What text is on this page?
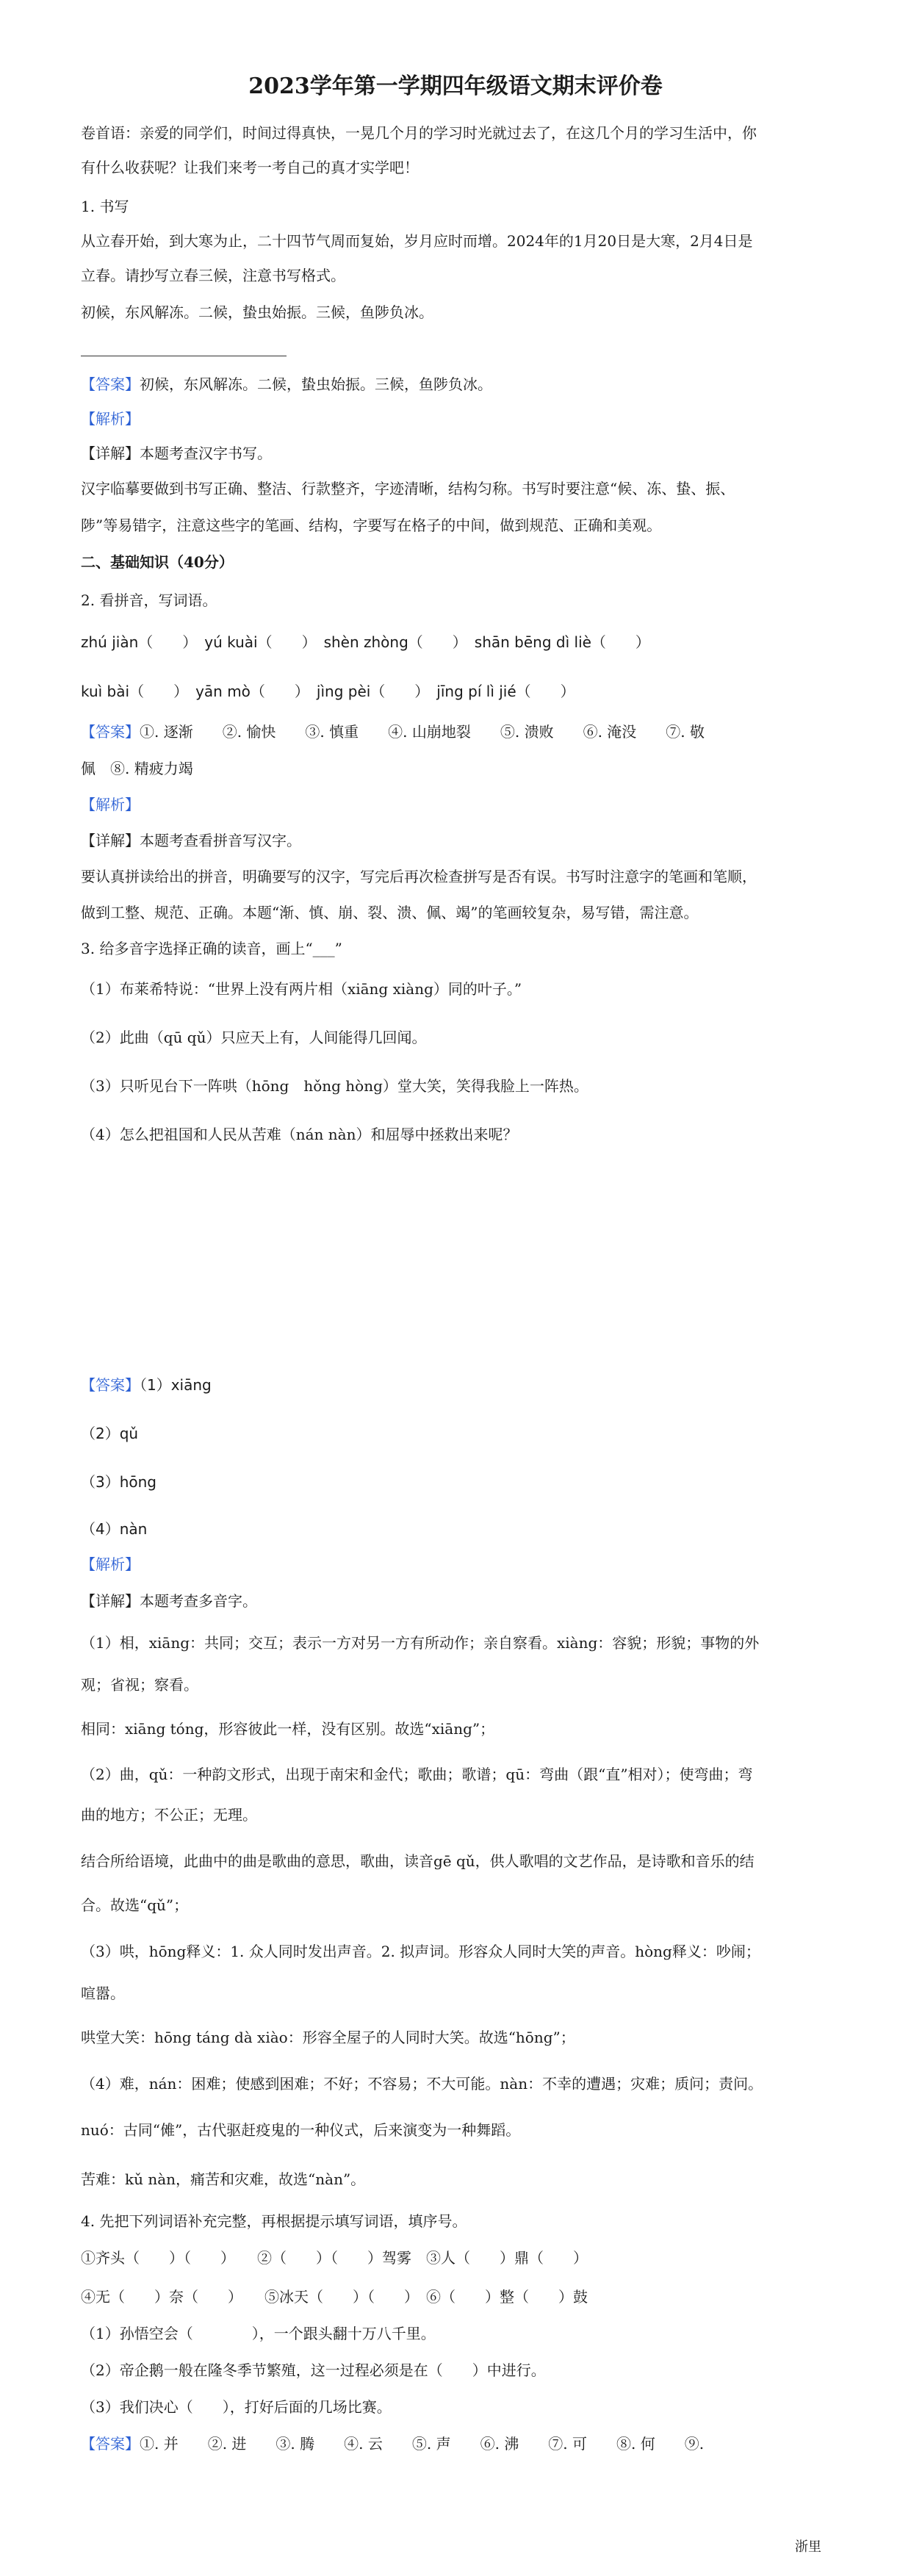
2023学年第一学期四年级语文期末评价卷
卷首语：亲爱的同学们，时间过得真快，一晃几个月的学习时光就过去了，在这几个月的学习生活中，你
有什么收获呢？让我们来考一考自己的真才实学吧！
1. 书写
从立春开始，到大寒为止，二十四节气周而复始，岁月应时而增。2024年的1月20日是大寒，2月4日是
立春。请抄写立春三候，注意书写格式。
初候，东风解冻。二候，蛰虫始振。三候，鱼陟负冰。
【答案】初候，东风解冻。二候，蛰虫始振。三候，鱼陟负冰。
【解析】
【详解】本题考查汉字书写。
汉字临摹要做到书写正确、整洁、行款整齐，字迹清晰，结构匀称。书写时要注意“候、冻、蛰、振、
陟”等易错字，注意这些字的笔画、结构，字要写在格子的中间，做到规范、正确和美观。
二、基础知识（40分）
2. 看拼音，写词语。
zhú jiàn（　　）　yú kuài（　　）　shèn zhòng（　　）　shān bēng dì liè（　　）
kuì bài（　　）　yān mò（　　）　jìng pèi（　　）　jīng pí lì jié（　　）
【答案】①. 逐渐　　②. 愉快　　③. 慎重　　④. 山崩地裂　　⑤. 溃败　　⑥. 淹没　　⑦. 敬
佩　⑧. 精疲力竭
【解析】
【详解】本题考查看拼音写汉字。
要认真拼读给出的拼音，明确要写的汉字，写完后再次检查拼写是否有误。书写时注意字的笔画和笔顺，
做到工整、规范、正确。本题“渐、慎、崩、裂、溃、佩、竭”的笔画较复杂，易写错，需注意。
3. 给多音字选择正确的读音，画上“___”
（1）布莱希特说：“世界上没有两片相（xiāng xiàng）同的叶子。”
（2）此曲（qū qǔ）只应天上有，人间能得几回闻。
（3）只听见台下一阵哄（hōng　hǒng hòng）堂大笑，笑得我脸上一阵热。
（4）怎么把祖国和人民从苦难（nán nàn）和屈辱中拯救出来呢？
【答案】（1）xiāng
（2）qǔ
（3）hōng
（4）nàn
【解析】
【详解】本题考查多音字。
（1）相，xiāng：共同；交互；表示一方对另一方有所动作；亲自察看。xiàng：容貌；形貌；事物的外
观；省视；察看。
相同：xiāng tóng，形容彼此一样，没有区别。故选“xiāng”；
（2）曲，qǔ：一种韵文形式，出现于南宋和金代；歌曲；歌谱；qū：弯曲（跟“直”相对）；使弯曲；弯
曲的地方；不公正；无理。
结合所给语境，此曲中的曲是歌曲的意思，歌曲，读音gē qǔ，供人歌唱的文艺作品，是诗歌和音乐的结
合。故选“qǔ”；
（3）哄，hōng释义：1. 众人同时发出声音。2. 拟声词。形容众人同时大笑的声音。hòng释义：吵闹；
喧嚣。
哄堂大笑：hōng táng dà xiào：形容全屋子的人同时大笑。故选“hōng”；
（4）难，nán：困难；使感到困难；不好；不容易；不大可能。nàn：不幸的遭遇；灾难；质问；责问。
nuó：古同“傩”，古代驱赶疫鬼的一种仪式，后来演变为一种舞蹈。
苦难：kǔ nàn，痛苦和灾难，故选“nàn”。
4. 先把下列词语补充完整，再根据提示填写词语，填序号。
①齐头（　　）（　　）　　②（　　）（　　）驾雾　③人（　　）鼎（　　）
④无（　　）奈（　　）　　⑤冰天（　　）（　　）　⑥（　　）整（　　）鼓
（1）孙悟空会（　　　　），一个跟头翻十万八千里。
（2）帝企鹅一般在隆冬季节繁殖，这一过程必须是在（　　）中进行。
（3）我们决心（　　），打好后面的几场比赛。
【答案】①. 并　　②. 进　　③. 腾　　④. 云　　⑤. 声　　⑥. 沸　　⑦. 可　　⑧. 何　　⑨.
浙里
